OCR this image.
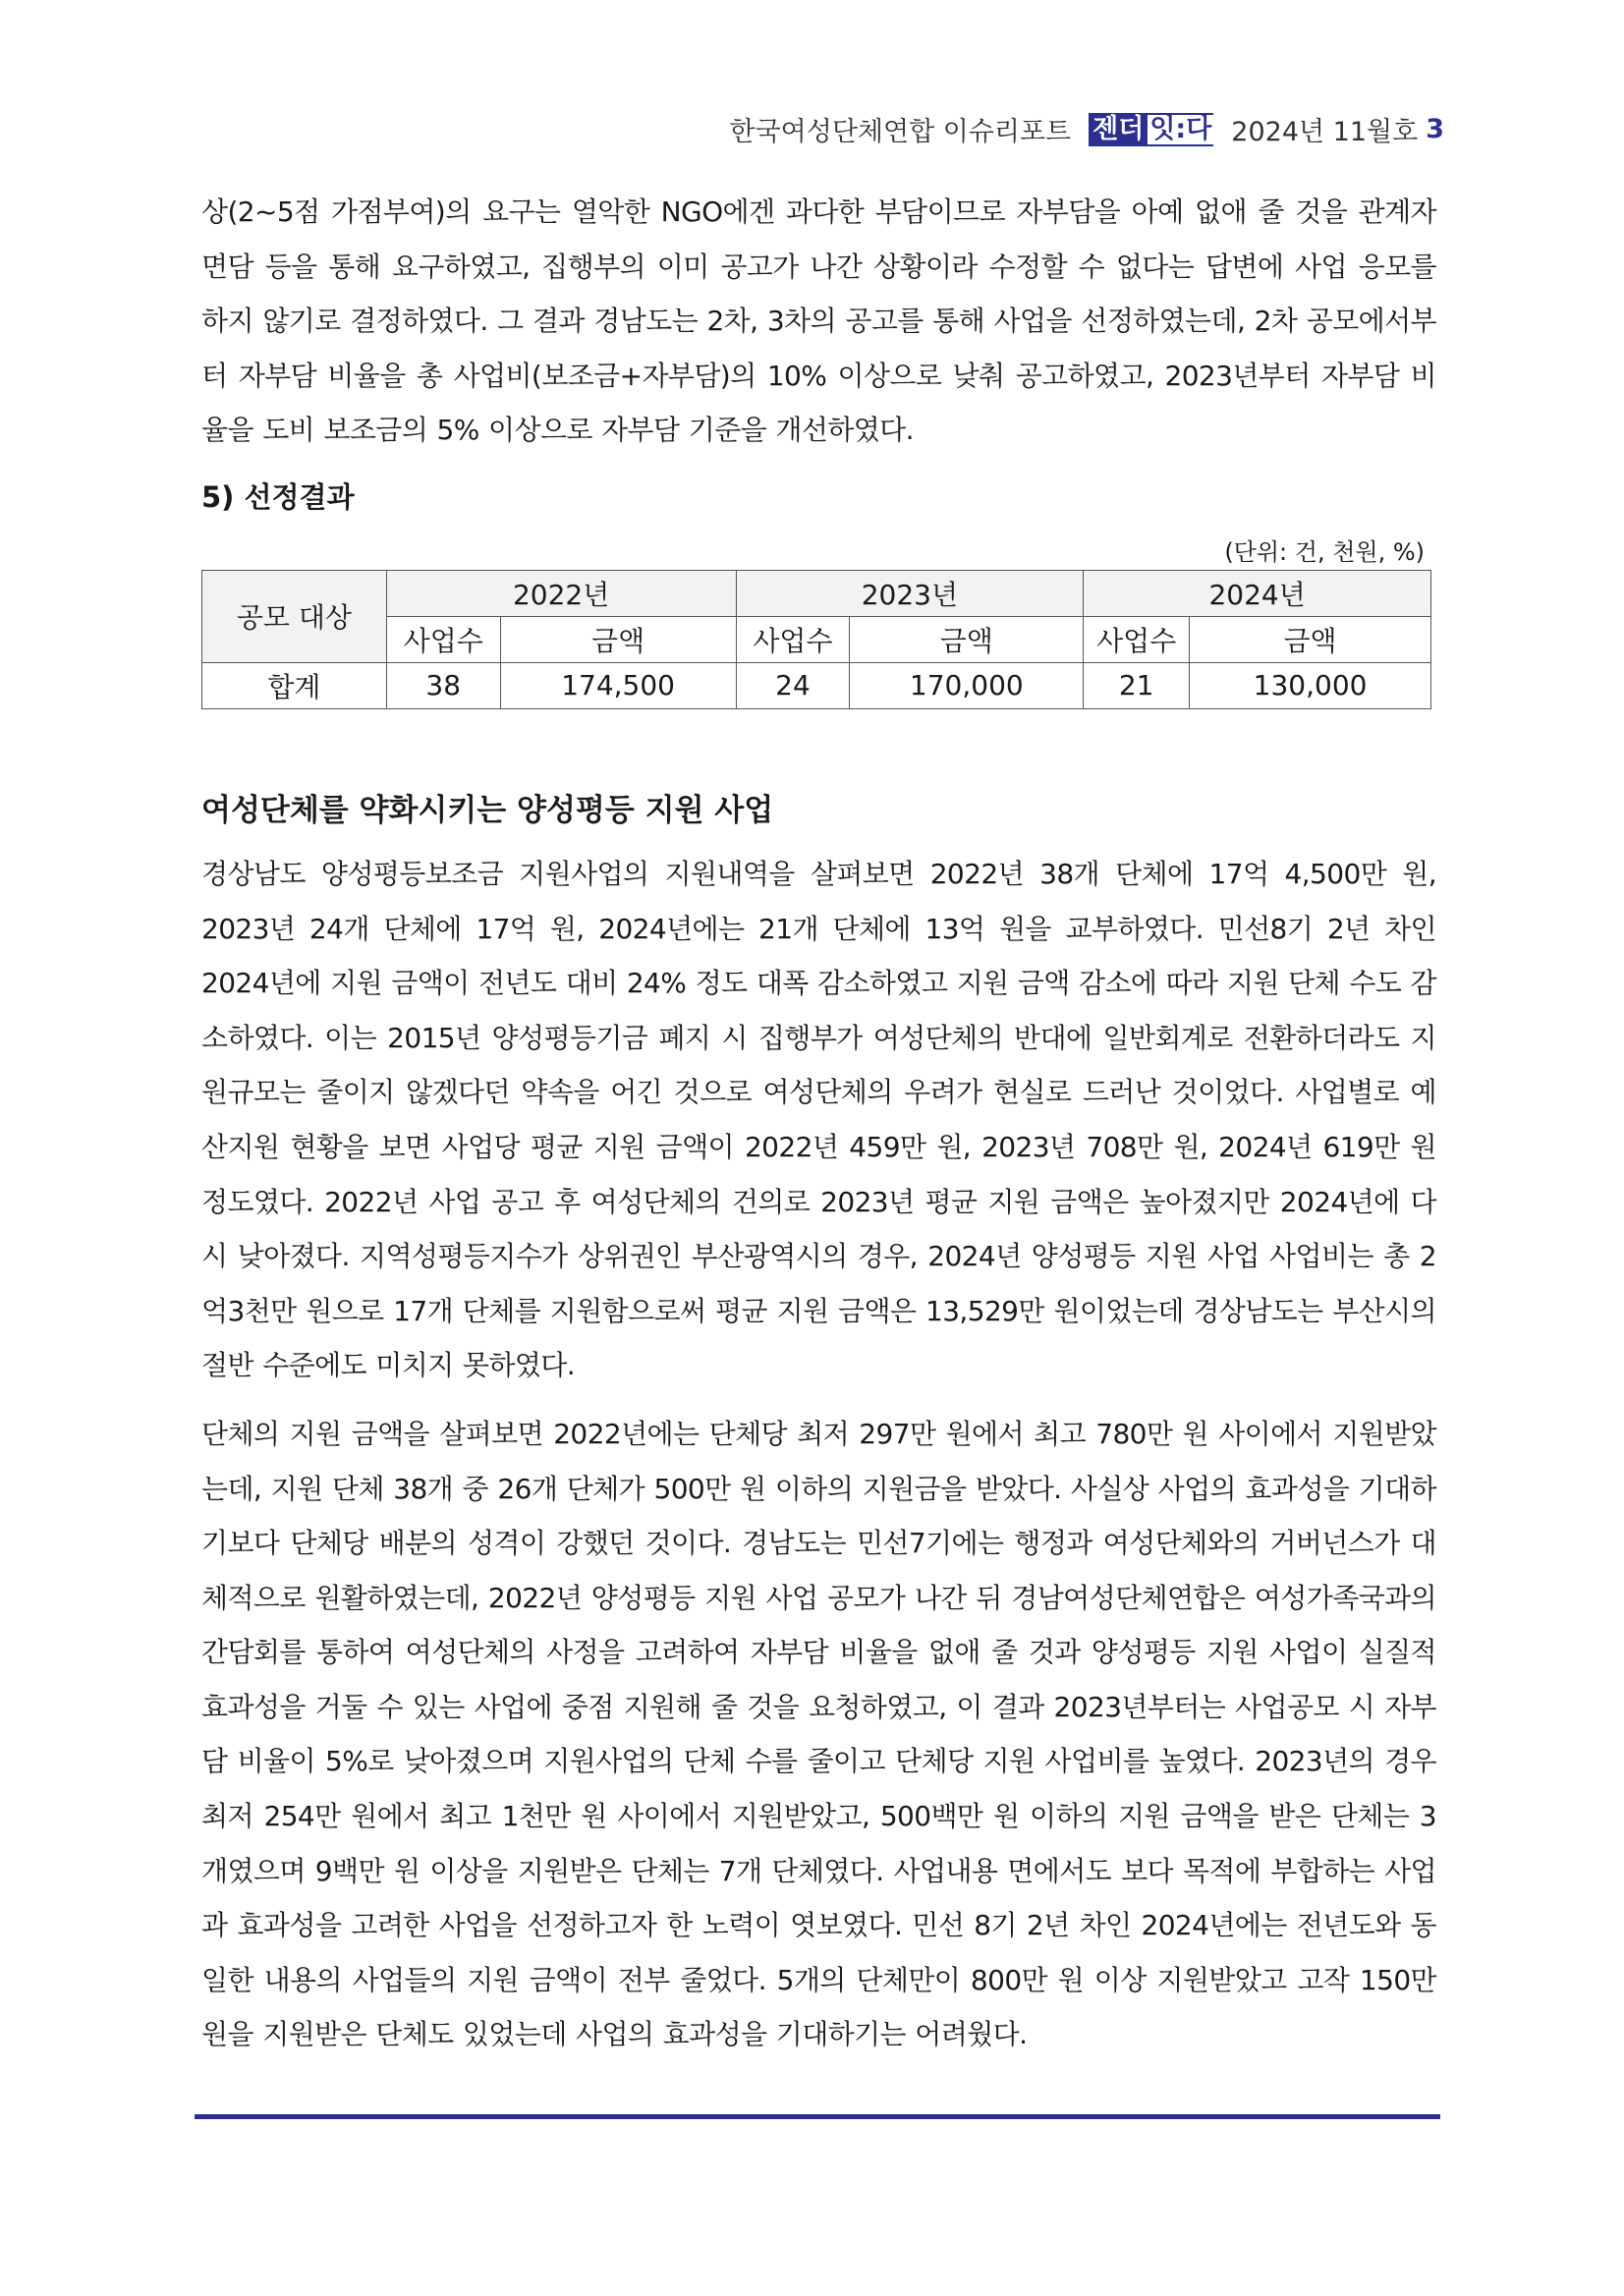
한국여성단체연합 이슈리포트 젠더 잇:다 2024년 11월호 3

상(2~5점 가점부여)의 요구는 열악한 NGO에겐 과다한 부담이므로 자부담을 아예 없애 줄 것을 관계자 면담 등을 통해 요구하였고, 집행부의 이미 공고가 나간 상황이라 수정할 수 없다는 답변에 사업 응모를 하지 않기로 결정하였다. 그 결과 경남도는 2차, 3차의 공고를 통해 사업을 선정하였는데, 2차 공모에서부터 자부담 비율을 총 사업비(보조금+자부담)의 10% 이상으로 낮춰 공고하였고, 2023년부터 자부담 비율을 도비 보조금의 5% 이상으로 자부담 기준을 개선하였다.

5) 선정결과
(단위: 건, 천원, %)
공모 대상	2022년		2023년		2024년	
	사업수	금액	사업수	금액	사업수	금액
합계	38	174,500	24	170,000	21	130,000
여성단체를 약화시키는 양성평등 지원 사업

경상남도 양성평등보조금 지원사업의 지원내역을 살펴보면 2022년 38개 단체에 17억 4,500만 원, 2023년 24개 단체에 17억 원, 2024년에는 21개 단체에 13억 원을 교부하였다. 민선8기 2년 차인 2024년에 지원 금액이 전년도 대비 24% 정도 대폭 감소하였고 지원 금액 감소에 따라 지원 단체 수도 감소하였다. 이는 2015년 양성평등기금 폐지 시 집행부가 여성단체의 반대에 일반회계로 전환하더라도 지원규모는 줄이지 않겠다던 약속을 어긴 것으로 여성단체의 우려가 현실로 드러난 것이었다. 사업별로 예산지원 현황을 보면 사업당 평균 지원 금액이 2022년 459만 원, 2023년 708만 원, 2024년 619만 원 정도였다. 2022년 사업 공고 후 여성단체의 건의로 2023년 평균 지원 금액은 높아졌지만 2024년에 다시 낮아졌다. 지역성평등지수가 상위권인 부산광역시의 경우, 2024년 양성평등 지원 사업 사업비는 총 2억3천만 원으로 17개 단체를 지원함으로써 평균 지원 금액은 13,529만 원이었는데 경상남도는 부산시의 절반 수준에도 미치지 못하였다.

단체의 지원 금액을 살펴보면 2022년에는 단체당 최저 297만 원에서 최고 780만 원 사이에서 지원받았는데, 지원 단체 38개 중 26개 단체가 500만 원 이하의 지원금을 받았다. 사실상 사업의 효과성을 기대하기보다 단체당 배분의 성격이 강했던 것이다. 경남도는 민선7기에는 행정과 여성단체와의 거버넌스가 대체적으로 원활하였는데, 2022년 양성평등 지원 사업 공모가 나간 뒤 경남여성단체연합은 여성가족국과의 간담회를 통하여 여성단체의 사정을 고려하여 자부담 비율을 없애 줄 것과 양성평등 지원 사업이 실질적 효과성을 거둘 수 있는 사업에 중점 지원해 줄 것을 요청하였고, 이 결과 2023년부터는 사업공모 시 자부담 비율이 5%로 낮아졌으며 지원사업의 단체 수를 줄이고 단체당 지원 사업비를 높였다. 2023년의 경우 최저 254만 원에서 최고 1천만 원 사이에서 지원받았고, 500백만 원 이하의 지원 금액을 받은 단체는 3개였으며 9백만 원 이상을 지원받은 단체는 7개 단체였다. 사업내용 면에서도 보다 목적에 부합하는 사업과 효과성을 고려한 사업을 선정하고자 한 노력이 엿보였다. 민선 8기 2년 차인 2024년에는 전년도와 동일한 내용의 사업들의 지원 금액이 전부 줄었다. 5개의 단체만이 800만 원 이상 지원받았고 고작 150만원을 지원받은 단체도 있었는데 사업의 효과성을 기대하기는 어려웠다.
